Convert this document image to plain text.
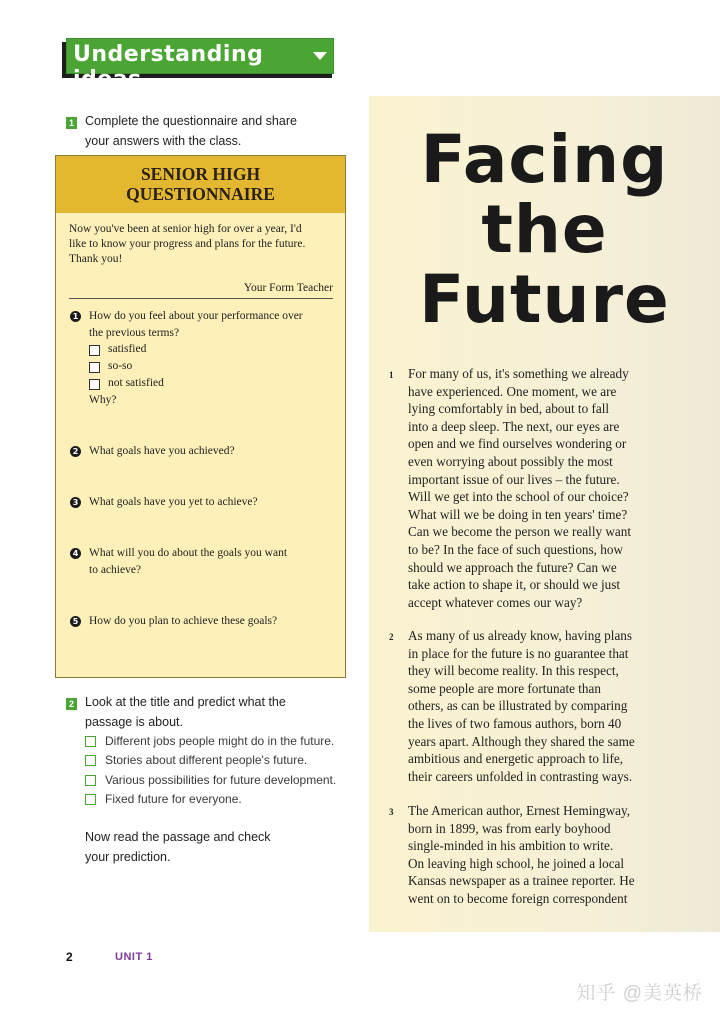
Understanding ideas
1 Complete the questionnaire and share
your answers with the class.
SENIOR HIGH
QUESTIONNAIRE
Now you've been at senior high for over a year, I'd
like to know your progress and plans for the future.
Thank you!
Your Form Teacher
1 How do you feel about your performance over
the previous terms?
satisfied
so-so
not satisfied
Why?
2 What goals have you achieved?
3 What goals have you yet to achieve?
4 What will you do about the goals you want
to achieve?
5 How do you plan to achieve these goals?
2 Look at the title and predict what the
passage is about.
Different jobs people might do in the future.
Stories about different people's future.
Various possibilities for future development.
Fixed future for everyone.
Now read the passage and check
your prediction.
2	UNIT 1
Facing
the
Future
1 For many of us, it's something we already
have experienced. One moment, we are
lying comfortably in bed, about to fall
into a deep sleep. The next, our eyes are
open and we find ourselves wondering or
even worrying about possibly the most
important issue of our lives – the future.
Will we get into the school of our choice?
What will we be doing in ten years' time?
Can we become the person we really want
to be? In the face of such questions, how
should we approach the future? Can we
take action to shape it, or should we just
accept whatever comes our way?
2 As many of us already know, having plans
in place for the future is no guarantee that
they will become reality. In this respect,
some people are more fortunate than
others, as can be illustrated by comparing
the lives of two famous authors, born 40
years apart. Although they shared the same
ambitious and energetic approach to life,
their careers unfolded in contrasting ways.
3 The American author, Ernest Hemingway,
born in 1899, was from early boyhood
single-minded in his ambition to write.
On leaving high school, he joined a local
Kansas newspaper as a trainee reporter. He
went on to become foreign correspondent
知乎 @美英桥
